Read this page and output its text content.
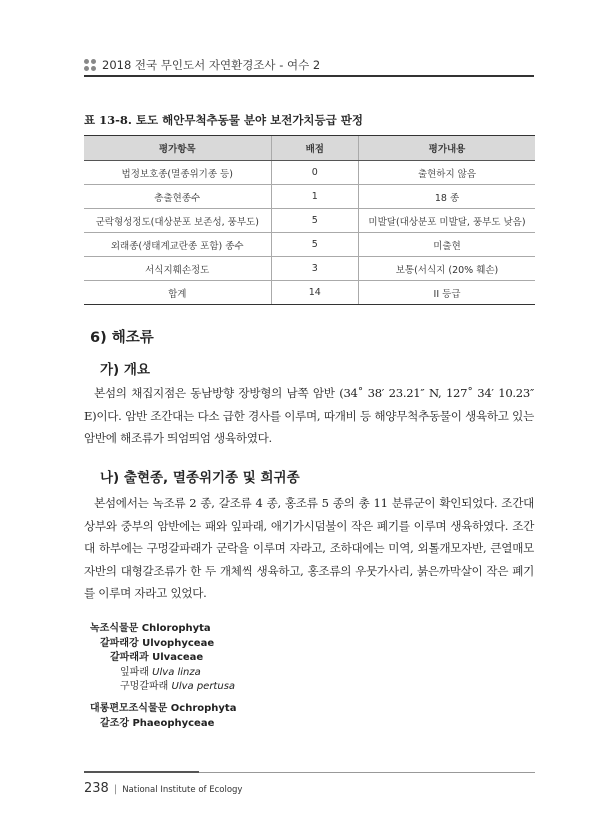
2018 전국 무인도서 자연환경조사 - 여수 2
표 13-8. 토도 해안무척추동물 분야 보전가치등급 판정
평가항목	배점	평가내용
법정보호종(멸종위기종 등)	0	출현하지 않음
총출현종수	1	18 종
군락형성정도(대상분포 보존성, 풍부도)	5	미발달(대상분포 미발달, 풍부도 낮음)
외래종(생태계교란종 포함) 종수	5	미출현
서식지훼손정도	3	보통(서식지 (20% 훼손)
합계	14	II 등급
6) 해조류
가) 개요

본섬의 채집지점은 동남방향 장방형의 남쪽 암반 (34˚ 38′ 23.21″ N, 127˚ 34′ 10.23″ E)이다. 암반 조간대는 다소 급한 경사를 이루며, 따개비 등 해양무척추동물이 생육하고 있는 암반에 해조류가 띄엄띄엄 생육하였다.

나) 출현종, 멸종위기종 및 희귀종

본섬에서는 녹조류 2 종, 갈조류 4 종, 홍조류 5 종의 총 11 분류군이 확인되었다. 조간대 상부와 중부의 암반에는 패와 잎파래, 애기가시덤불이 작은 폐기를 이루며 생육하였다. 조간대 하부에는 구멍갈파래가 군락을 이루며 자라고, 조하대에는 미역, 외톨개모자반, 큰열매모자반의 대형갈조류가 한 두 개체씩 생육하고, 홍조류의 우뭇가사리, 붉은까막살이 작은 폐기를 이루며 자라고 있었다.

녹조식물문 Chlorophyta
갈파래강 Ulvophyceae
갈파래과 Ulvaceae
잎파래 Ulva linza
구멍갈파래 Ulva pertusa
대롱편모조식물문 Ochrophyta
갈조강 Phaeophyceae
238 | National Institute of Ecology
